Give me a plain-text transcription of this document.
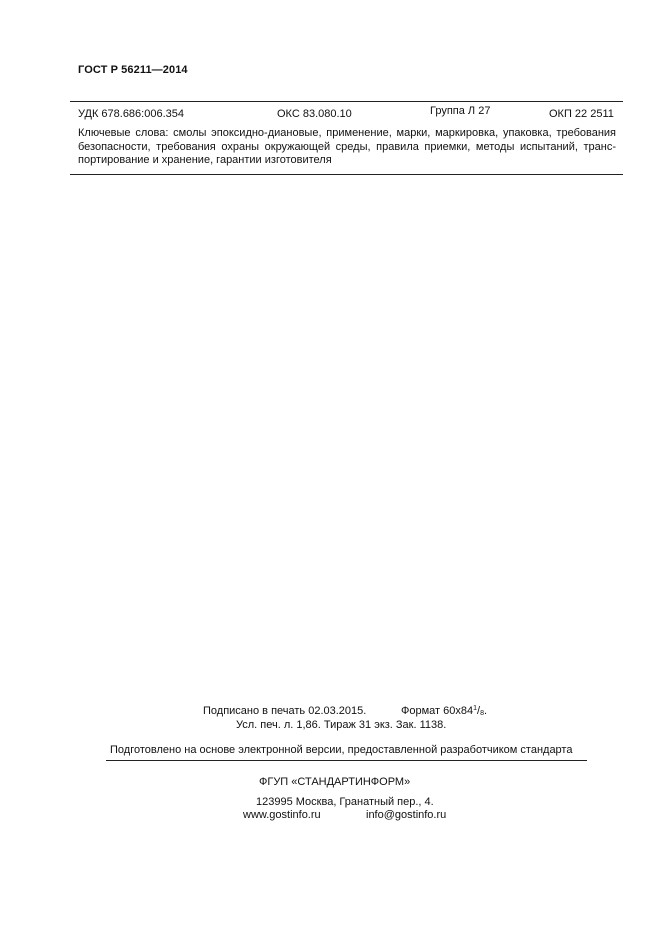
ГОСТ Р 56211—2014
УДК 678.686:006.354	ОКС 83.080.10	Группа Л 27	ОКП 22 2511
Ключевые слова: смолы эпоксидно-диановые, применение, марки, маркировка, упаковка, требования
безопасности, требования охраны окружающей среды, правила приемки, методы испытаний, транс-
портирование и хранение, гарантии изготовителя
Подписано в печать 02.03.2015.	Формат $60х84^1/_8$.
Усл. печ. л. 1,86. Тираж 31 экз. Зак. 1138.
Подготовлено на основе электронной версии, предоставленной разработчиком стандарта
ФГУП «СТАНДАРТИНФОРМ»
123995 Москва, Гранатный пер., 4.
www.gostinfo.ru	info@gostinfo.ru
